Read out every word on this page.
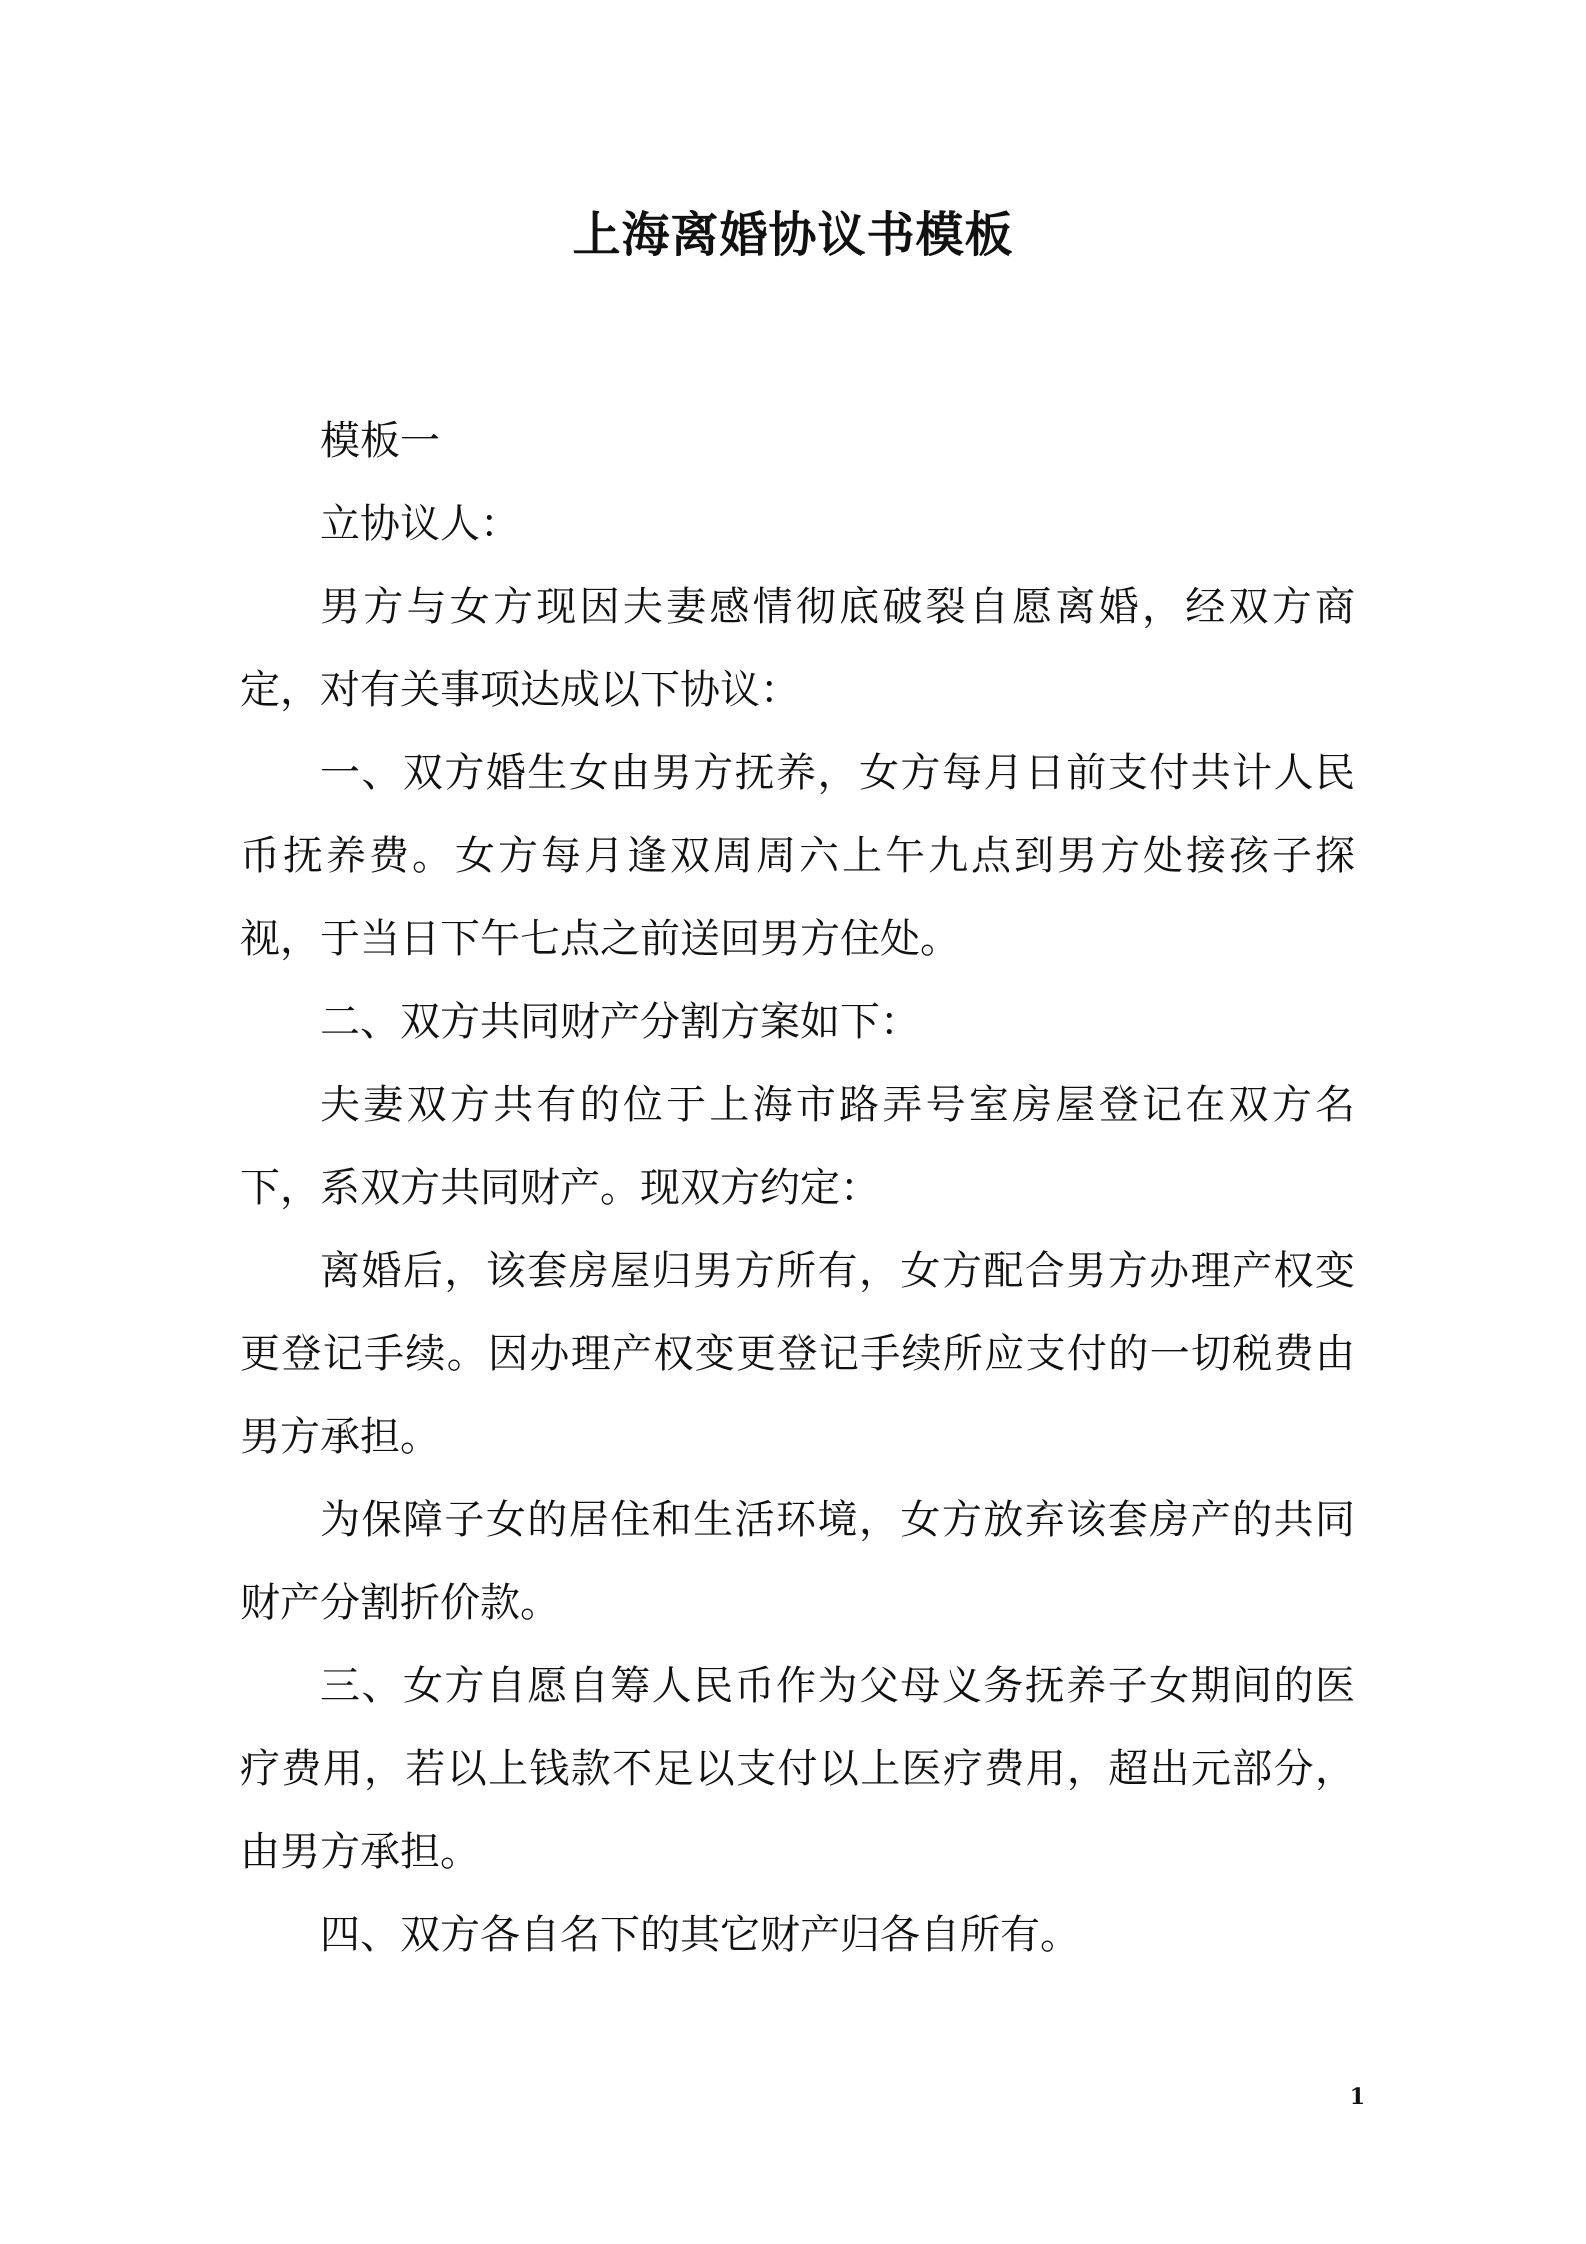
上海离婚协议书模板

模板一

立协议人：

男方与女方现因夫妻感情彻底破裂自愿离婚，经双方商定，对有关事项达成以下协议：

一、双方婚生女由男方抚养，女方每月日前支付共计人民币抚养费。女方每月逢双周周六上午九点到男方处接孩子探视，于当日下午七点之前送回男方住处。

二、双方共同财产分割方案如下：

夫妻双方共有的位于上海市路弄号室房屋登记在双方名下，系双方共同财产。现双方约定：

离婚后，该套房屋归男方所有，女方配合男方办理产权变更登记手续。因办理产权变更登记手续所应支付的一切税费由男方承担。

为保障子女的居住和生活环境，女方放弃该套房产的共同财产分割折价款。

三、女方自愿自筹人民币作为父母义务抚养子女期间的医疗费用，若以上钱款不足以支付以上医疗费用，超出元部分，由男方承担。

四、双方各自名下的其它财产归各自所有。

1
